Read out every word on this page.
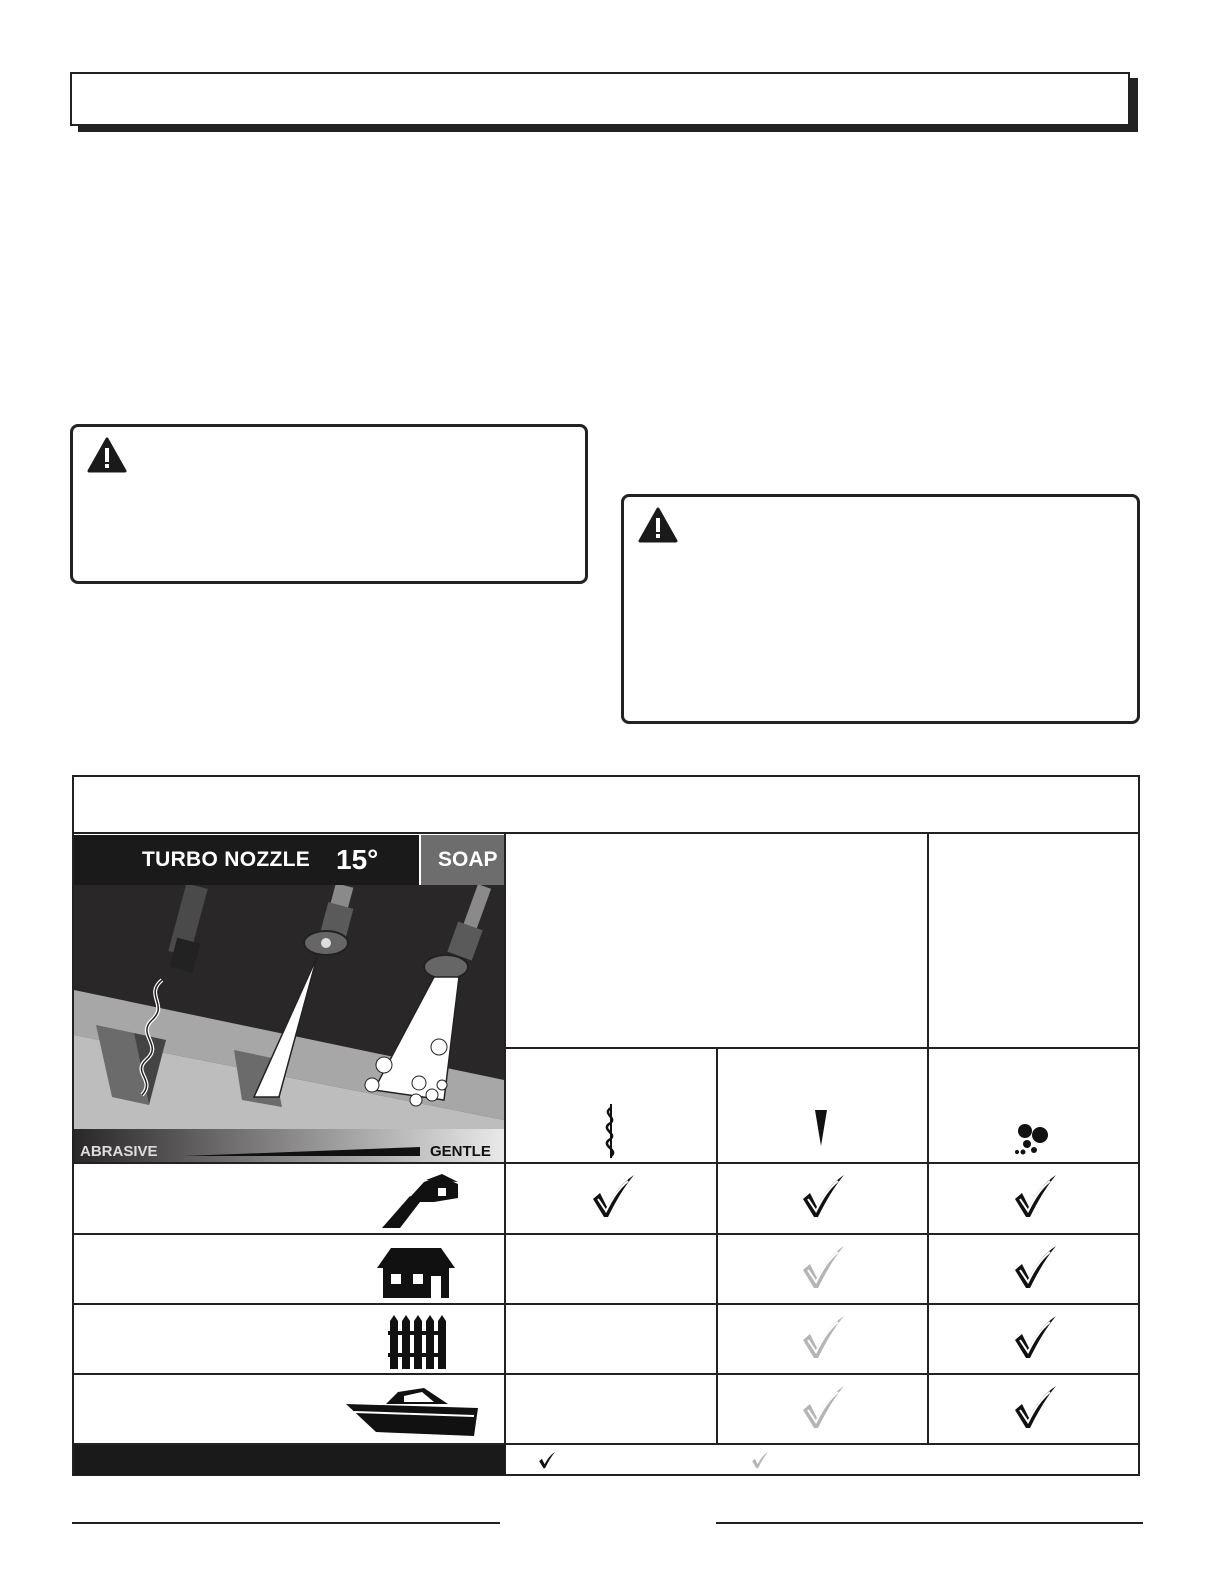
TURBO NOZZLE 15°	SOAP
ABRASIVE	GENTLE
